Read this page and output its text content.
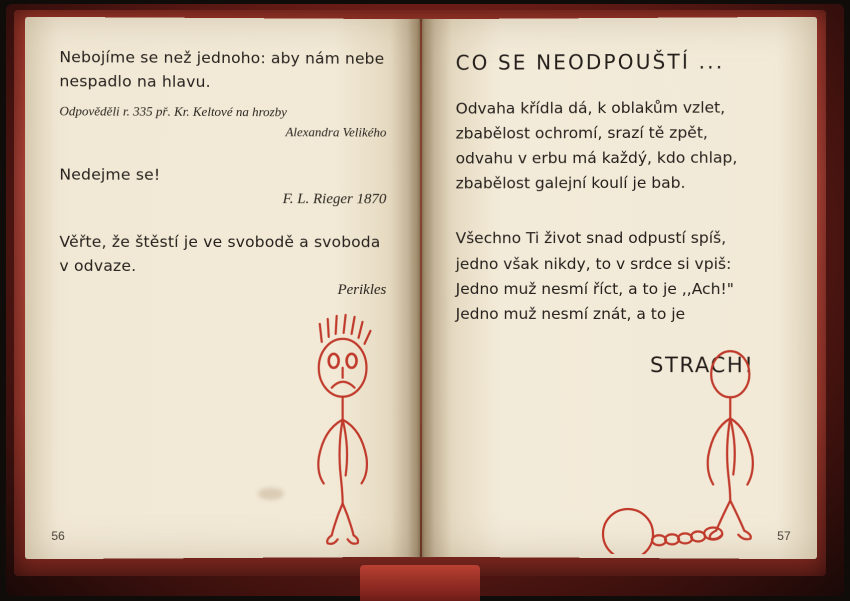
Nebojíme se než jednoho: aby nám nebe nespadlo na hlavu.
Odpověděli r. 335 př. Kr. Keltové na hrozby
Alexandra Velikého
Nedejme se!
F. L. Rieger 1870
Věřte, že štěstí je ve svobodě a svoboda v odvaze.
Perikles
56
CO SE NEODPOUŠTÍ ...
Odvaha křídla dá, k oblakům vzlet,
zbabělost ochromí, srazí tě zpět,
odvahu v erbu má každý, kdo chlap,
zbabělost galejní koulí je bab.
Všechno Ti život snad odpustí spíš,
jedno však nikdy, to v srdce si vpiš:
Jedno muž nesmí říct, a to je ,,Ach!"
Jedno muž nesmí znát, a to je
STRACH!
57
